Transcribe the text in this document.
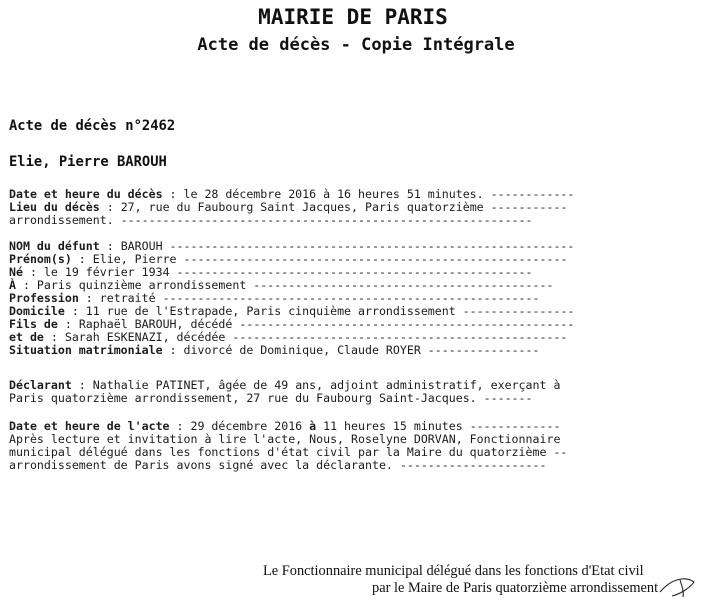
MAIRIE DE PARIS
Acte de décès - Copie Intégrale
Acte de décès n°2462
Elie, Pierre BAROUH
Date et heure du décès : le 28 décembre 2016 à 16 heures 51 minutes. ------------
Lieu du décès : 27, rue du Faubourg Saint Jacques, Paris quatorzième -----------
arrondissement. -----------------------------------------------------------
NOM du défunt : BAROUH ----------------------------------------------------------
Prénom(s) : Elie, Pierre -------------------------------------------------------
Né : le 19 février 1934 ---------------------------------------------------
À : Paris quinzième arrondissement -------------------------------------------
Profession : retraité ------------------------------------------------------
Domicile : 11 rue de l'Estrapade, Paris cinquième arrondissement ----------------
Fils de : Raphaël BAROUH, décédé ------------------------------------------------
et de : Sarah ESKENAZI, décédée ------------------------------------------------
Situation matrimoniale : divorcé de Dominique, Claude ROYER ----------------
Déclarant : Nathalie PATINET, âgée de 49 ans, adjoint administratif, exerçant à
Paris quatorzième arrondissement, 27 rue du Faubourg Saint-Jacques. -------
Date et heure de l'acte : 29 décembre 2016 à 11 heures 15 minutes -------------
Après lecture et invitation à lire l'acte, Nous, Roselyne DORVAN, Fonctionnaire
municipal délégué dans les fonctions d'état civil par la Maire du quatorzième --
arrondissement de Paris avons signé avec la déclarante. ---------------------
Le Fonctionnaire municipal délégué dans les fonctions d'Etat civil
par le Maire de Paris quatorzième arrondissement
